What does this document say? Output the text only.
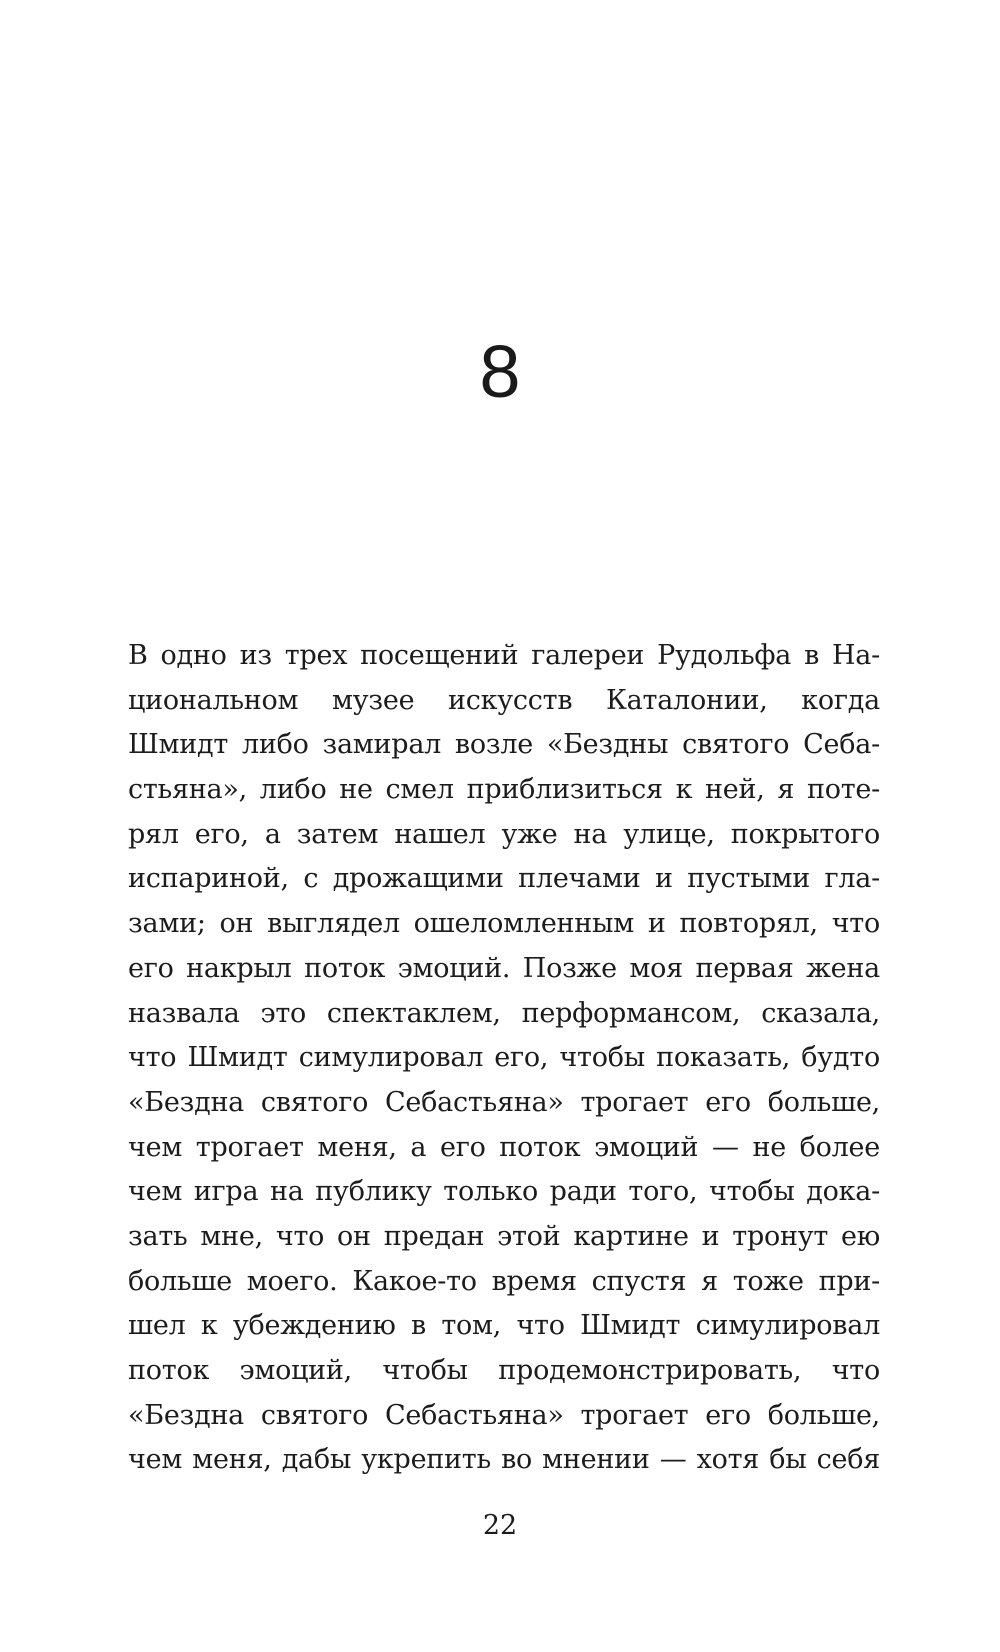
8
В одно из трех посещений галереи Рудольфа в На-
циональном музее искусств Каталонии, когда
Шмидт либо замирал возле «Бездны святого Себа-
стьяна», либо не смел приблизиться к ней, я поте-
рял его, а затем нашел уже на улице, покрытого
испариной, с дрожащими плечами и пустыми гла-
зами; он выглядел ошеломленным и повторял, что
его накрыл поток эмоций. Позже моя первая жена
назвала это спектаклем, перформансом, сказала,
что Шмидт симулировал его, чтобы показать, будто
«Бездна святого Себастьяна» трогает его больше,
чем трогает меня, а его поток эмоций — не более
чем игра на публику только ради того, чтобы дока-
зать мне, что он предан этой картине и тронут ею
больше моего. Какое-то время спустя я тоже при-
шел к убеждению в том, что Шмидт симулировал
поток эмоций, чтобы продемонстрировать, что
«Бездна святого Себастьяна» трогает его больше,
чем меня, дабы укрепить во мнении — хотя бы себя
22
